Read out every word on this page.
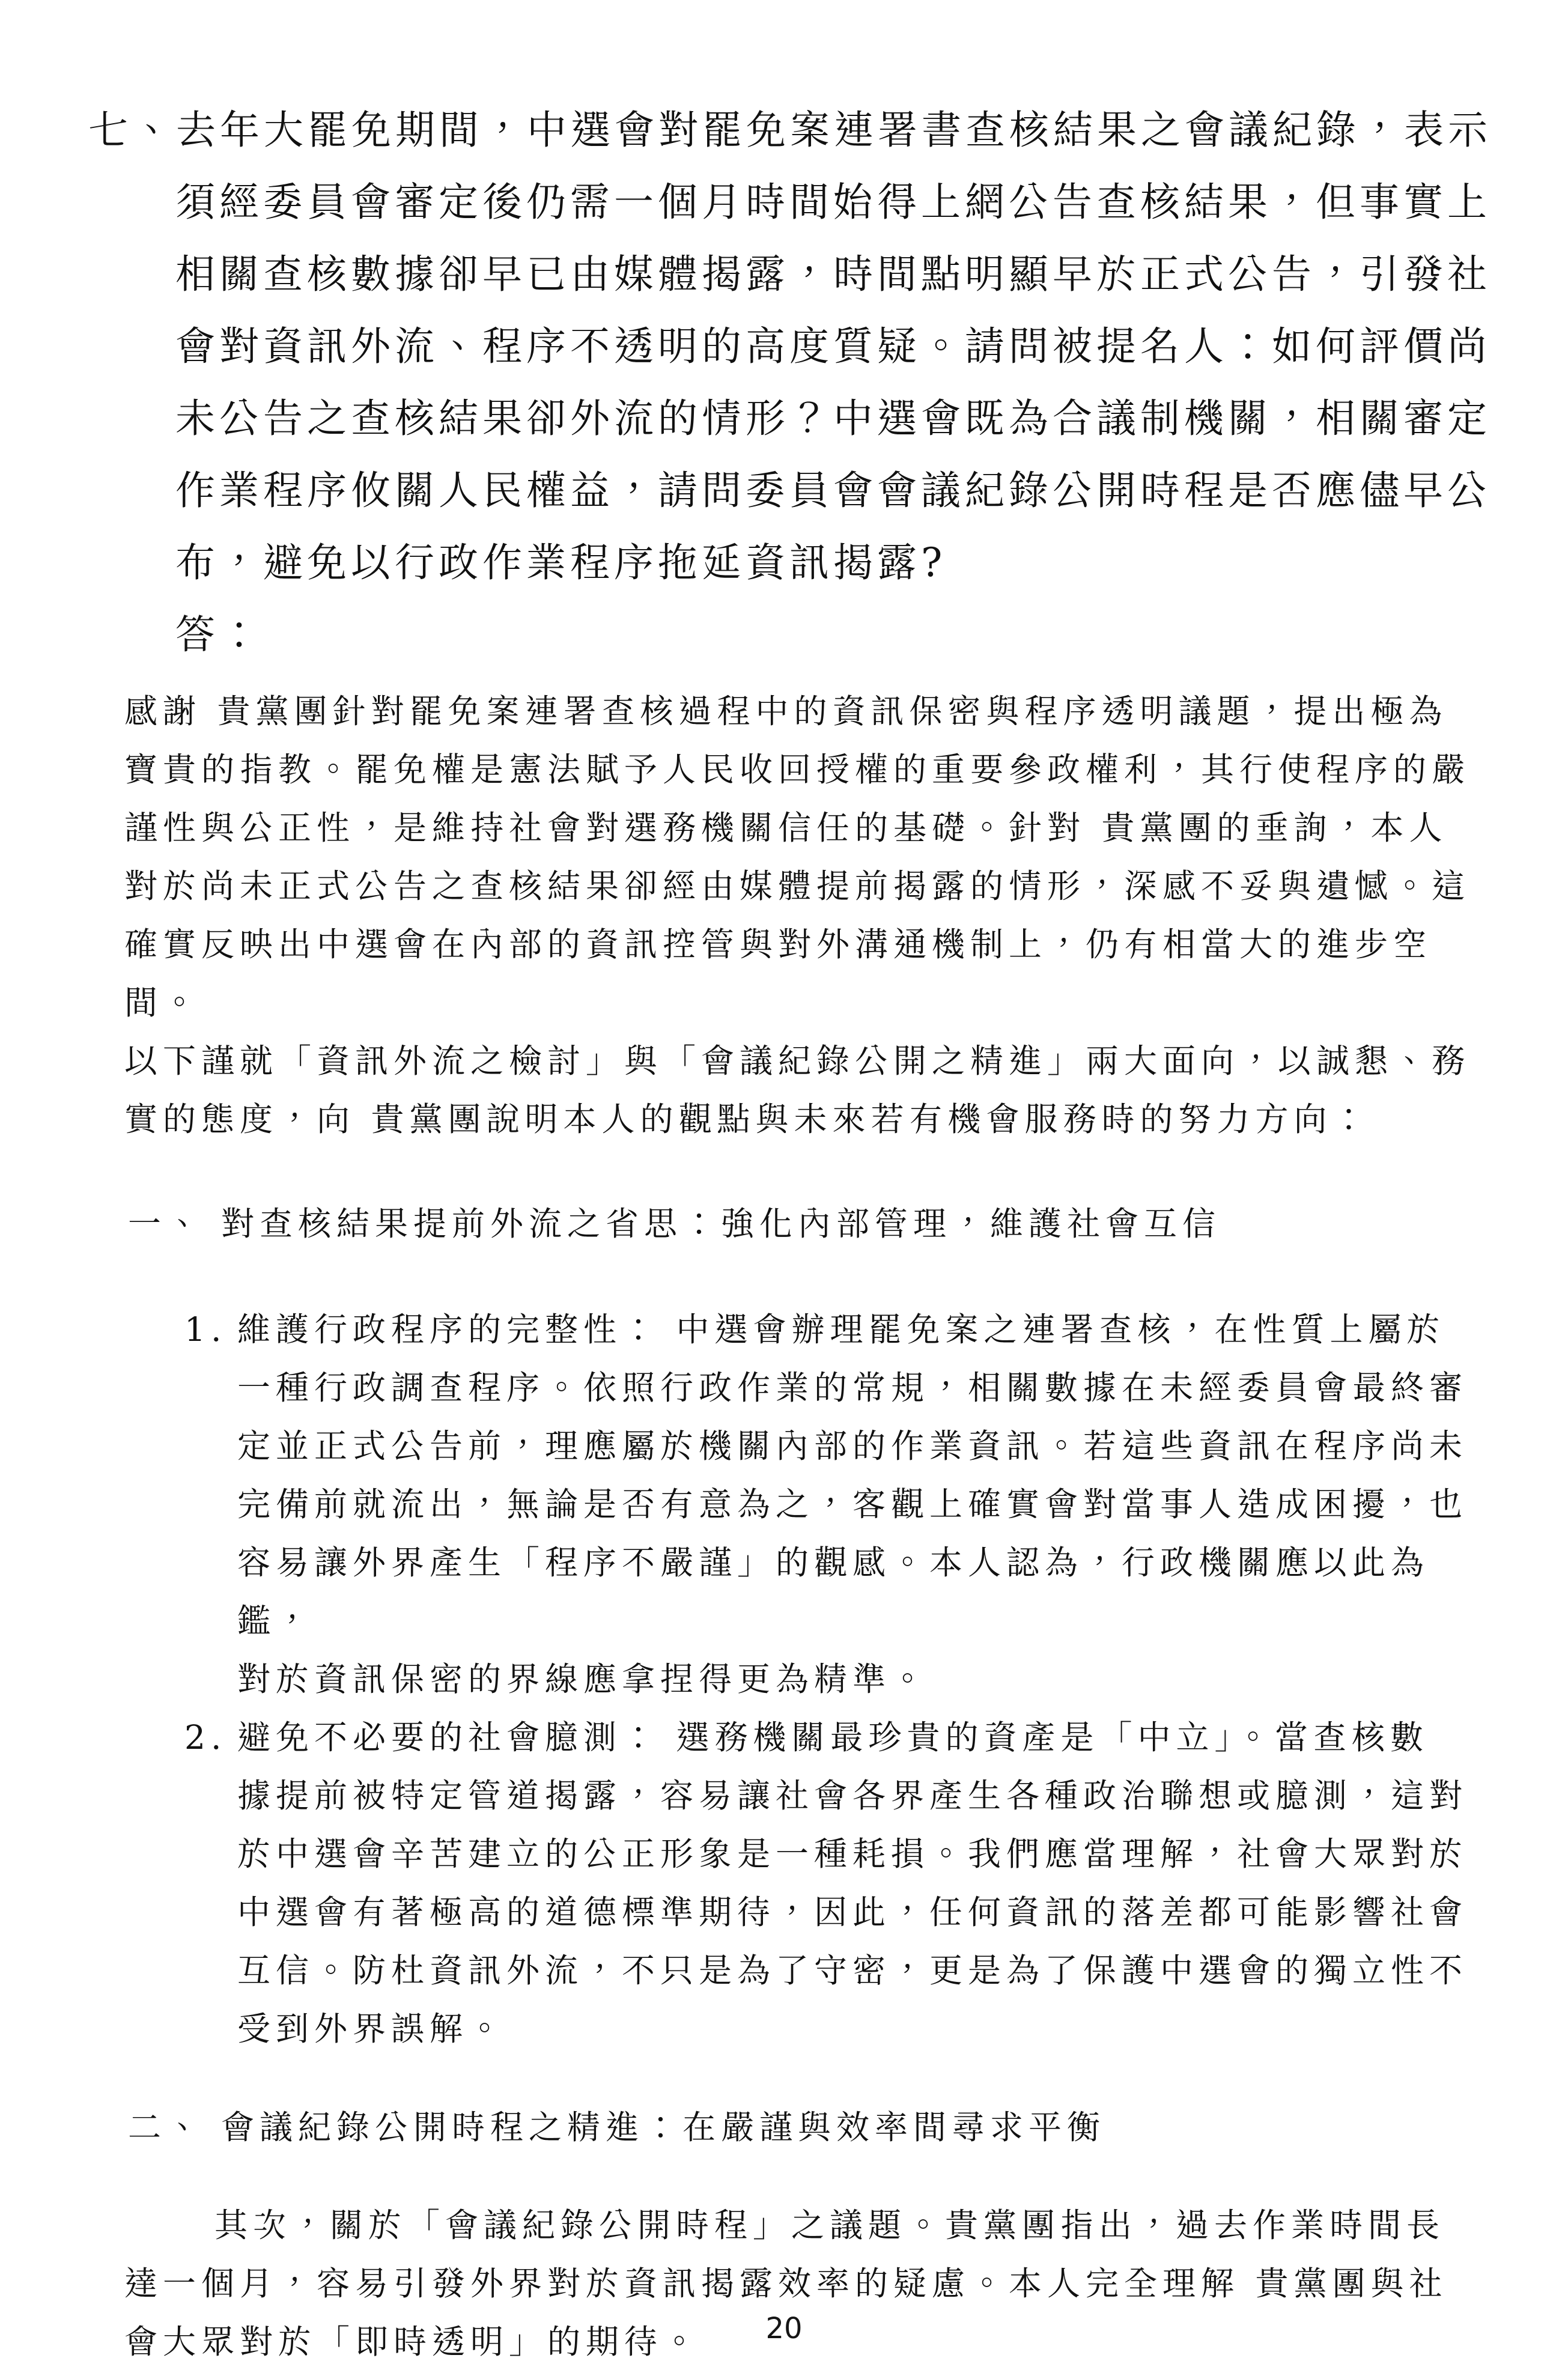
七、 去年大罷免期間，中選會對罷免案連署書查核結果之會議紀錄，表示
須經委員會審定後仍需一個月時間始得上網公告查核結果，但事實上
相關查核數據卻早已由媒體揭露，時間點明顯早於正式公告，引發社
會對資訊外流、程序不透明的高度質疑。請問被提名人：如何評價尚
未公告之查核結果卻外流的情形？中選會既為合議制機關，相關審定
作業程序攸關人民權益，請問委員會會議紀錄公開時程是否應儘早公
布，避免以行政作業程序拖延資訊揭露?
答：
感謝 貴黨團針對罷免案連署查核過程中的資訊保密與程序透明議題，提出極為
寶貴的指教。罷免權是憲法賦予人民收回授權的重要參政權利，其行使程序的嚴
謹性與公正性，是維持社會對選務機關信任的基礎。針對 貴黨團的垂詢，本人
對於尚未正式公告之查核結果卻經由媒體提前揭露的情形，深感不妥與遺憾。這
確實反映出中選會在內部的資訊控管與對外溝通機制上，仍有相當大的進步空間。
以下謹就「資訊外流之檢討」與「會議紀錄公開之精進」兩大面向，以誠懇、務
實的態度，向 貴黨團說明本人的觀點與未來若有機會服務時的努力方向：
一、 對查核結果提前外流之省思：強化內部管理，維護社會互信
1. 維護行政程序的完整性： 中選會辦理罷免案之連署查核，在性質上屬於
一種行政調查程序。依照行政作業的常規，相關數據在未經委員會最終審
定並正式公告前，理應屬於機關內部的作業資訊。若這些資訊在程序尚未
完備前就流出，無論是否有意為之，客觀上確實會對當事人造成困擾，也
容易讓外界產生「程序不嚴謹」的觀感。本人認為，行政機關應以此為鑑，
對於資訊保密的界線應拿捏得更為精準。
2. 避免不必要的社會臆測： 選務機關最珍貴的資產是「中立」。當查核數
據提前被特定管道揭露，容易讓社會各界產生各種政治聯想或臆測，這對
於中選會辛苦建立的公正形象是一種耗損。我們應當理解，社會大眾對於
中選會有著極高的道德標準期待，因此，任何資訊的落差都可能影響社會
互信。防杜資訊外流，不只是為了守密，更是為了保護中選會的獨立性不
受到外界誤解。
二、 會議紀錄公開時程之精進：在嚴謹與效率間尋求平衡
其次，關於「會議紀錄公開時程」之議題。貴黨團指出，過去作業時間長
達一個月，容易引發外界對於資訊揭露效率的疑慮。本人完全理解 貴黨團與社
會大眾對於「即時透明」的期待。	20
